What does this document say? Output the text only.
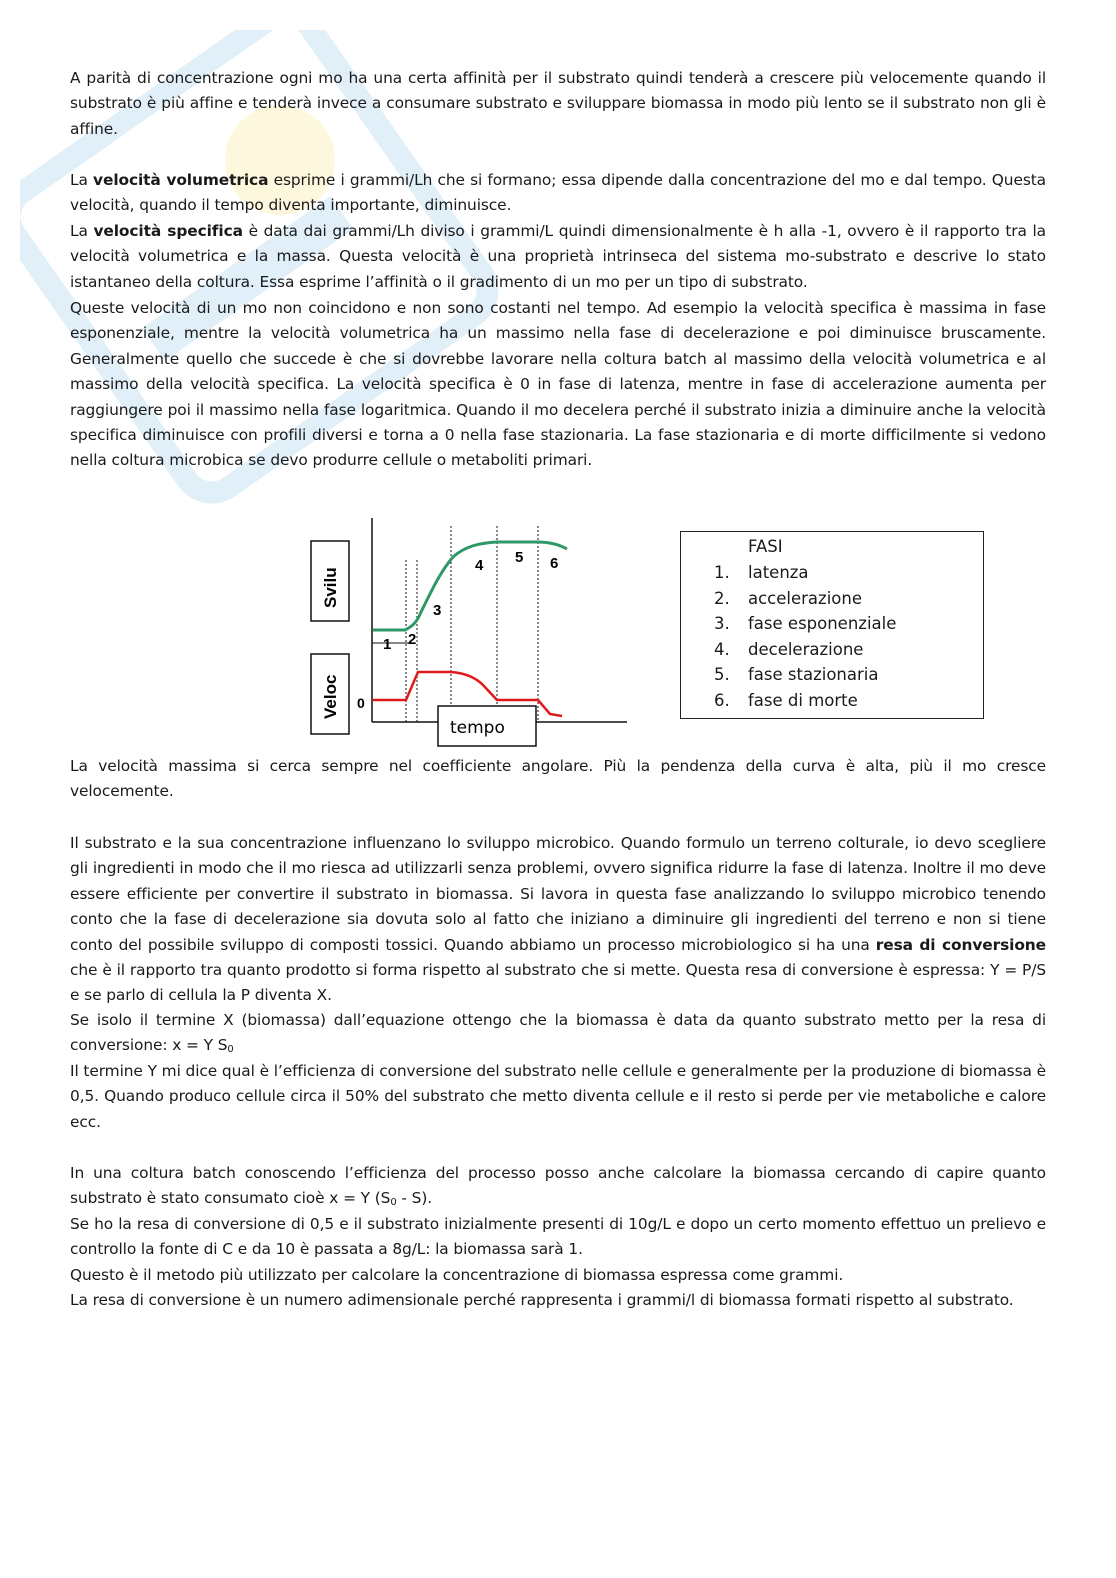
A parità di concentrazione ogni mo ha una certa affinità per il substrato quindi tenderà a crescere più velocemente quando il substrato è più affine e tenderà invece a consumare substrato e sviluppare biomassa in modo più lento se il substrato non gli è affine.

La velocità volumetrica esprime i grammi/Lh che si formano; essa dipende dalla concentrazione del mo e dal tempo. Questa velocità, quando il tempo diventa importante, diminuisce.

La velocità specifica è data dai grammi/Lh diviso i grammi/L quindi dimensionalmente è h alla -1, ovvero è il rapporto tra la velocità volumetrica e la massa. Questa velocità è una proprietà intrinseca del sistema mo-substrato e descrive lo stato istantaneo della coltura. Essa esprime l’affinità o il gradimento di un mo per un tipo di substrato.

Queste velocità di un mo non coincidono e non sono costanti nel tempo. Ad esempio la velocità specifica è massima in fase esponenziale, mentre la velocità volumetrica ha un massimo nella fase di decelerazione e poi diminuisce bruscamente. Generalmente quello che succede è che si dovrebbe lavorare nella coltura batch al massimo della velocità volumetrica e al massimo della velocità specifica. La velocità specifica è 0 in fase di latenza, mentre in fase di accelerazione aumenta per raggiungere poi il massimo nella fase logaritmica. Quando il mo decelera perché il substrato inizia a diminuire anche la velocità specifica diminuisce con profili diversi e torna a 0 nella fase stazionaria. La fase stazionaria e di morte difficilmente si vedono nella coltura microbica se devo produrre cellule o metaboliti primari.

1 2
3
4 5 6
0
Svilu
Veloc
tempo
FASI
1. latenza
2. accelerazione
3. fase esponenziale
4. decelerazione
5. fase stazionaria
6. fase di morte

La velocità massima si cerca sempre nel coefficiente angolare. Più la pendenza della curva è alta, più il mo cresce velocemente.

Il substrato e la sua concentrazione influenzano lo sviluppo microbico. Quando formulo un terreno colturale, io devo scegliere gli ingredienti in modo che il mo riesca ad utilizzarli senza problemi, ovvero significa ridurre la fase di latenza. Inoltre il mo deve essere efficiente per convertire il substrato in biomassa. Si lavora in questa fase analizzando lo sviluppo microbico tenendo conto che la fase di decelerazione sia dovuta solo al fatto che iniziano a diminuire gli ingredienti del terreno e non si tiene conto del possibile sviluppo di composti tossici. Quando abbiamo un processo microbiologico si ha una resa di conversione che è il rapporto tra quanto prodotto si forma rispetto al substrato che si mette. Questa resa di conversione è espressa: Y = P/S e se parlo di cellula la P diventa X.

Se isolo il termine X (biomassa) dall’equazione ottengo che la biomassa è data da quanto substrato metto per la resa di conversione: x = Y $S_0$

Il termine Y mi dice qual è l’efficienza di conversione del substrato nelle cellule e generalmente per la produzione di biomassa è 0,5. Quando produco cellule circa il 50% del substrato che metto diventa cellule e il resto si perde per vie metaboliche e calore ecc.

In una coltura batch conoscendo l’efficienza del processo posso anche calcolare la biomassa cercando di capire quanto substrato è stato consumato cioè x = Y $(S_0 - S)$.

Se ho la resa di conversione di 0,5 e il substrato inizialmente presenti di 10g/L e dopo un certo momento effettuo un prelievo e controllo la fonte di C e da 10 è passata a 8g/L: la biomassa sarà 1.

Questo è il metodo più utilizzato per calcolare la concentrazione di biomassa espressa come grammi.

La resa di conversione è un numero adimensionale perché rappresenta i grammi/l di biomassa formati rispetto al substrato.
